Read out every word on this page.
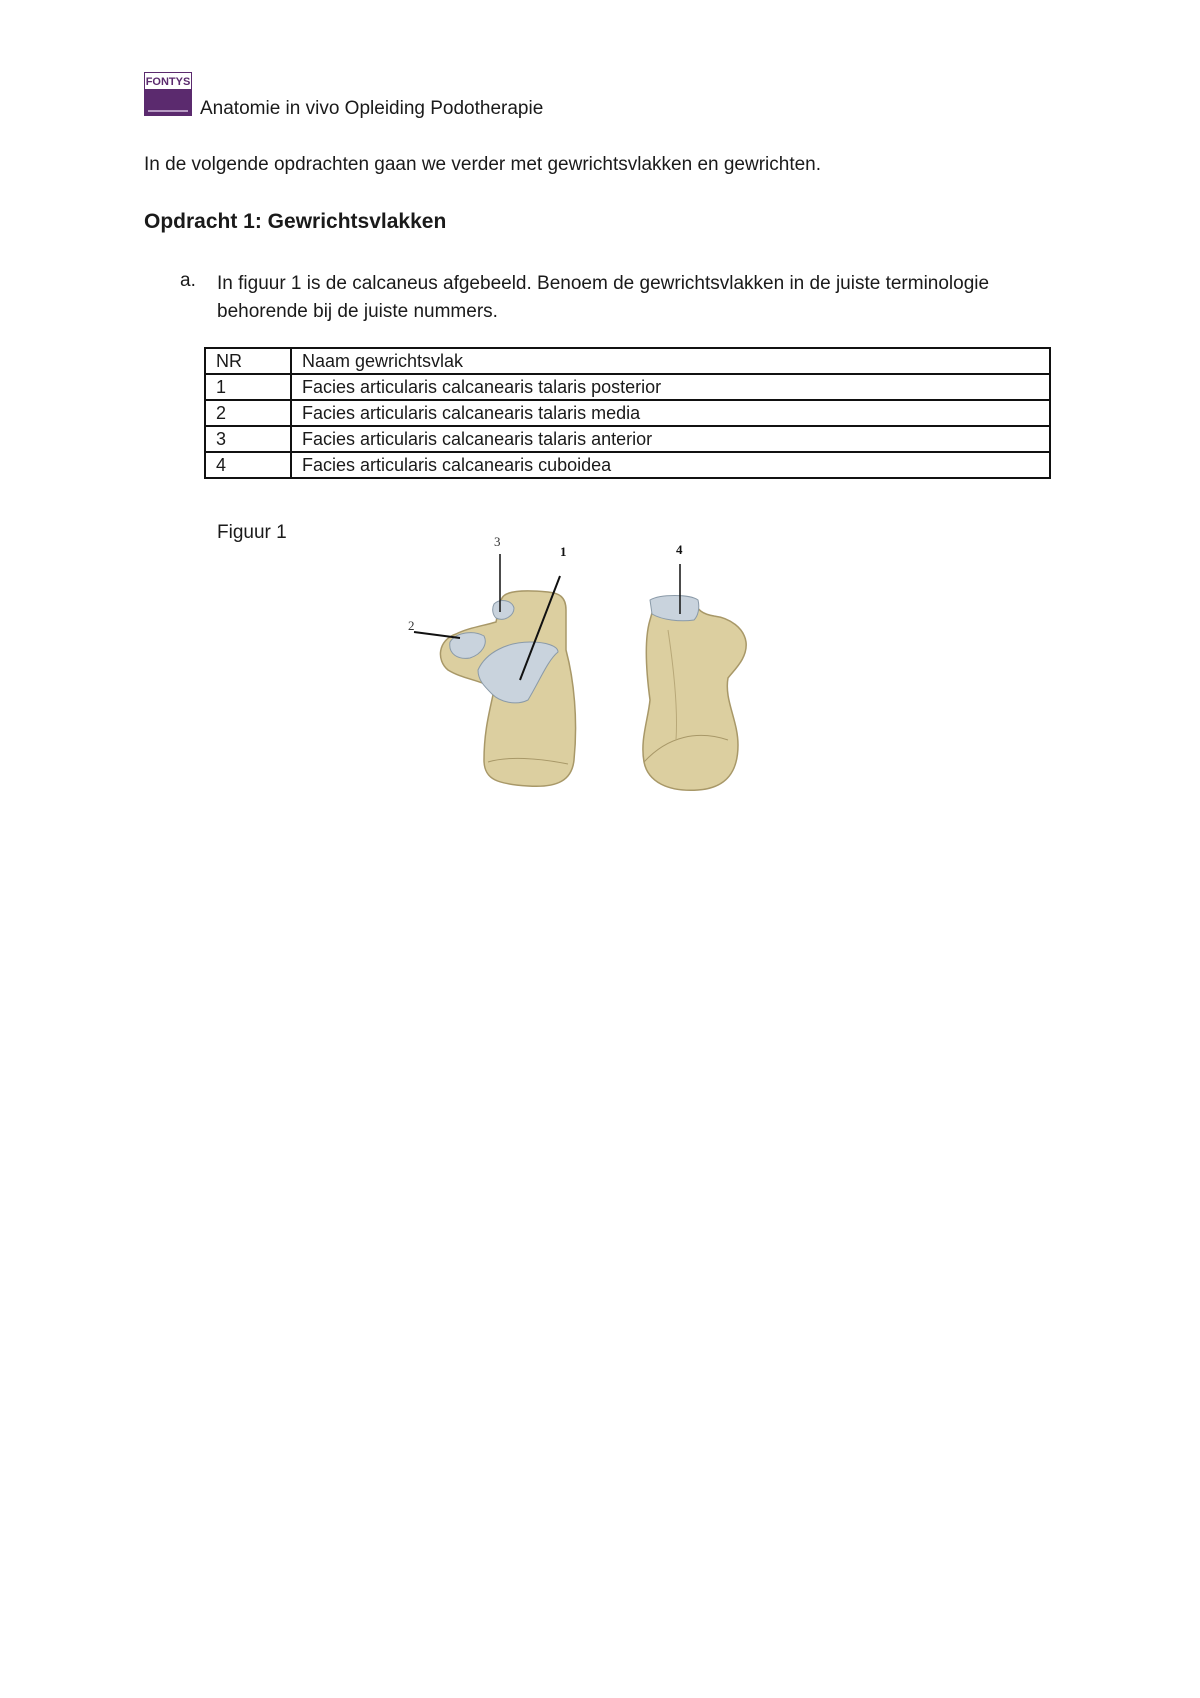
FONTYS
Anatomie in vivo Opleiding Podotherapie
In de volgende opdrachten gaan we verder met gewrichtsvlakken en gewrichten.
Opdracht 1: Gewrichtsvlakken
a. In figuur 1 is de calcaneus afgebeeld. Benoem de gewrichtsvlakken in de juiste terminologie behorende bij de juiste nummers.
NR	Naam gewrichtsvlak
1	Facies articularis calcanearis talaris posterior
2	Facies articularis calcanearis talaris media
3	Facies articularis calcanearis talaris anterior
4	Facies articularis calcanearis cuboidea
Figuur 1
2
3
1	4
